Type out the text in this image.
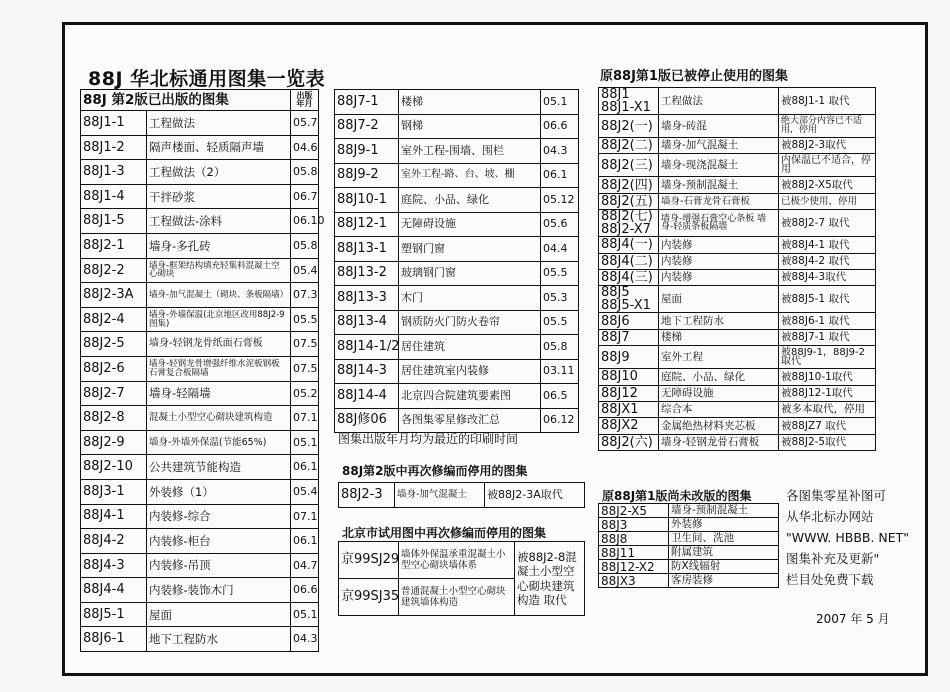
88J 华北标通用图集一览表
88J 第2版已出版的图集		出版年月
88J1-1	工程做法	05.7
88J1-2	隔声楼面、轻质隔声墙	04.6
88J1-3	工程做法（2）	05.8
88J1-4	干拌砂浆	06.7
88J1-5	工程做法-涂料	06.10
88J2-1	墙身-多孔砖	05.8
88J2-2	墙身-框架结构填充轻集料混凝土空心砌块	05.4
88J2-3A	墙身-加气混凝土（砌块、条板隔墙）	07.3
88J2-4	墙身-外墙保温(北京地区改用88J2-9图集)	05.5
88J2-5	墙身-轻钢龙骨纸面石膏板	07.5
88J2-6	墙身-轻钢龙骨增强纤维水泥板钢板石膏复合板隔墙	07.5
88J2-7	墙身-轻隔墙	05.2
88J2-8	混凝土小型空心砌块建筑构造	07.1
88J2-9	墙身-外墙外保温(节能65%)	05.1
88J2-10	公共建筑节能构造	06.1
88J3-1	外装修（1）	05.4
88J4-1	内装修-综合	07.1
88J4-2	内装修-柜台	06.1
88J4-3	内装修-吊顶	04.7
88J4-4	内装修-装饰木门	06.6
88J5-1	屋面	05.1
88J6-1	地下工程防水	04.3
88J7-1	楼梯	05.1
88J7-2	钢梯	06.6
88J9-1	室外工程-围墙、围栏	04.3
88J9-2	室外工程-路、台、坡、棚	06.1
88J10-1	庭院、小品、绿化	05.12
88J12-1	无障碍设施	05.6
88J13-1	塑钢门窗	04.4
88J13-2	玻璃钢门窗	05.5
88J13-3	木门	05.3
88J13-4	钢质防火门防火卷帘	05.5
88J14-1/2	居住建筑	05.8
88J14-3	居住建筑室内装修	03.11
88J14-4	北京四合院建筑要素图	06.5
88J修06	各图集零星修改汇总	06.12
图集出版年月均为最近的印刷时间
88J第2版中再次修编而停用的图集
88J2-3	墙身-加气混凝土	被88J2-3A取代
北京市试用图中再次修编而停用的图集
京99SJ29	墙体外保温承重混凝土小型空心砌块墙体系	被88J2-8混凝土小型空心砌块建筑构造 取代
京99SJ35	普通混凝土小型空心砌块建筑墙体构造	
原88J第1版已被停止使用的图集
88J1 88J1-X1	工程做法	被88J1-1 取代
88J2(一)	墙身-砖混	绝大部分内容已不适用，停用
88J2(二)	墙身-加气混凝土	被88J2-3取代
88J2(三)	墙身-现浇混凝土	内保温已不适合，停用
88J2(四)	墙身-预制混凝土	被88J2-X5取代
88J2(五)	墙身-石膏龙骨石膏板	已极少使用，停用
88J2(七) 88J2-X7	墙身-增强石膏空心条板 墙身-轻质条板隔墙	被88J2-7 取代
88J4(一)	内装修	被88J4-1 取代
88J4(二)	内装修	被88J4-2 取代
88J4(三)	内装修	被88J4-3取代
88J5 88J5-X1	屋面	被88J5-1 取代
88J6	地下工程防水	被88J6-1 取代
88J7	楼梯	被88J7-1 取代
88J9	室外工程	被88J9-1，88J9-2 取代
88J10	庭院、小品、绿化	被88J10-1取代
88J12	无障碍设施	被88J12-1取代
88JX1	综合本	被多本取代，停用
88JX2	金属绝热材料夹芯板	被88JZ7 取代
88J2(六)	墙身-轻钢龙骨石膏板	被88J2-5取代
原88J第1版尚未改版的图集
88J2-X5	墙身-预制混凝土
88J3	外装修
88J8	卫生间、洗池
88J11	附属建筑
88J12-X2	防X线辐射
88JX3	客房装修
各图集零星补图可
从华北标办网站
"WWW. HBBB. NET"
图集补充及更新"
栏目处免费下载
2007 年 5 月
